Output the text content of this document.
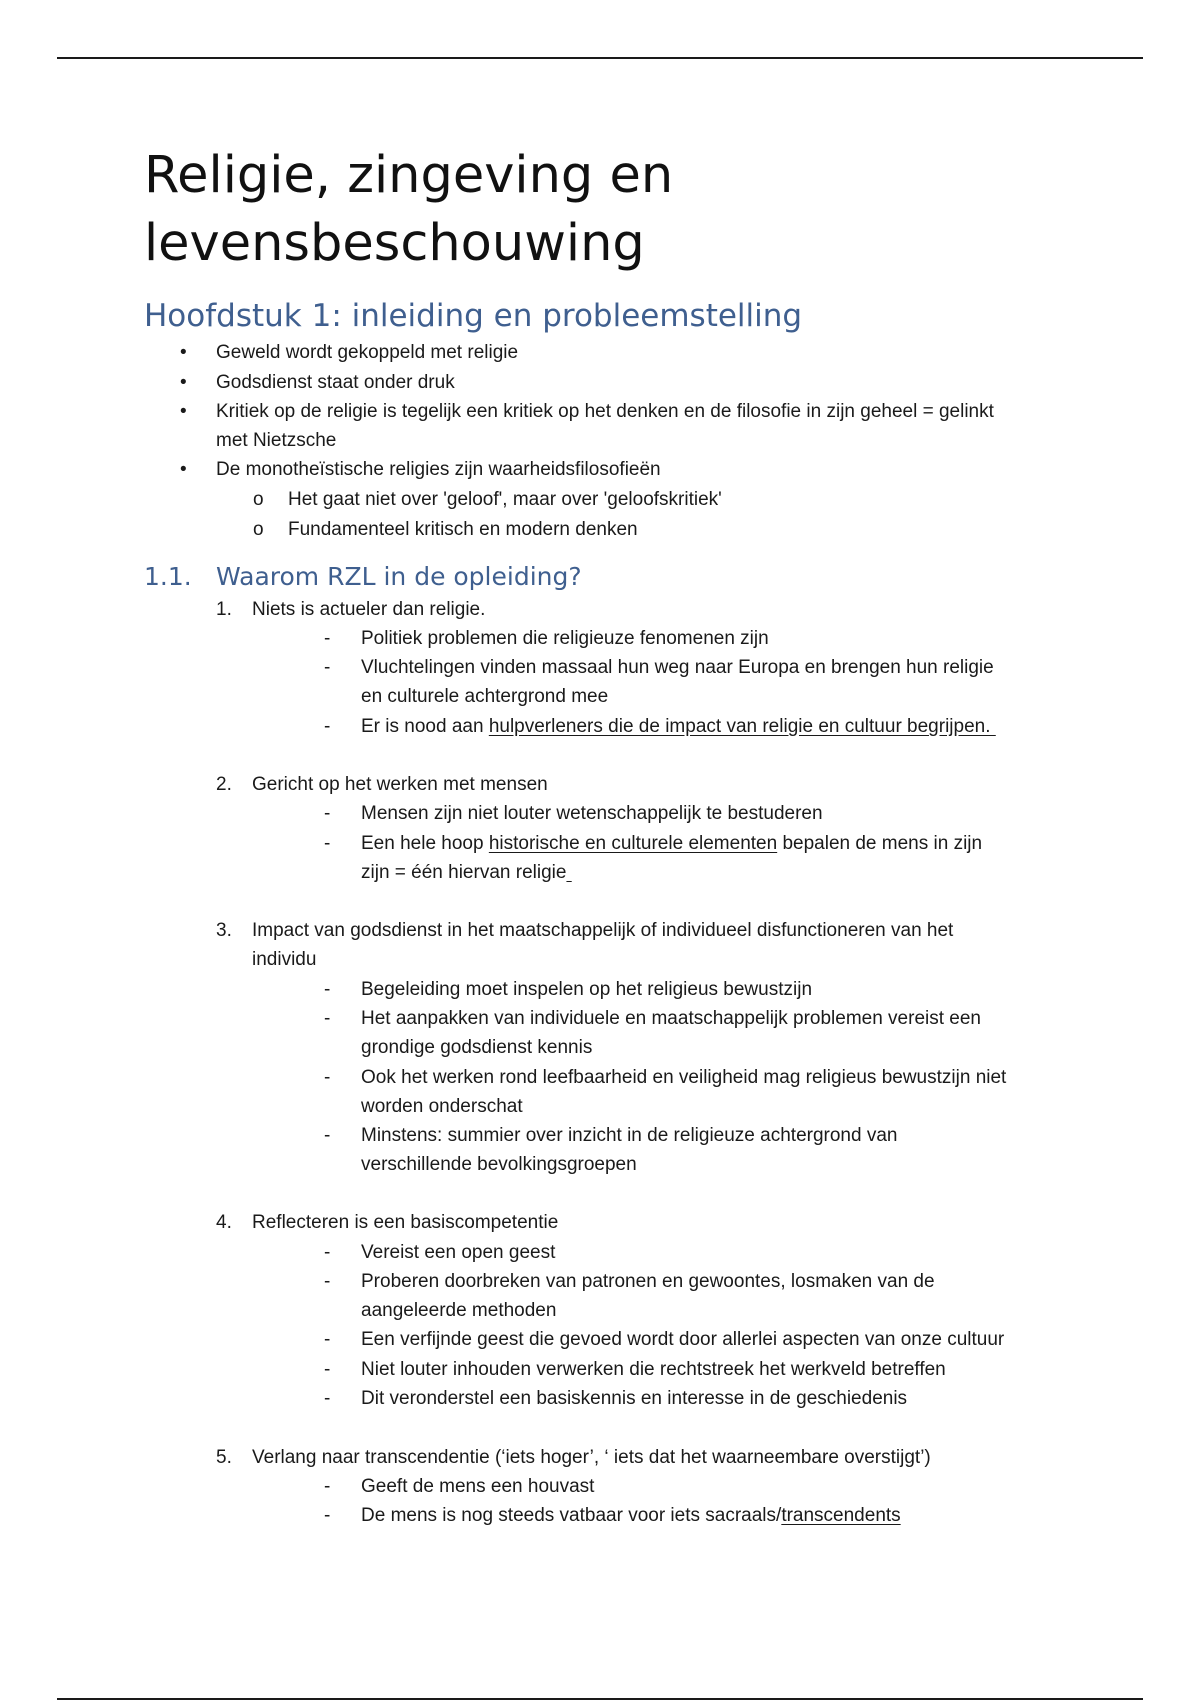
Religie, zingeving en
levensbeschouwing
Hoofdstuk 1: inleiding en probleemstelling
• Geweld wordt gekoppeld met religie
• Godsdienst staat onder druk
• Kritiek op de religie is tegelijk een kritiek op het denken en de filosofie in zijn geheel = gelinkt
met Nietzsche
• De monotheïstische religies zijn waarheidsfilosofieën
o Het gaat niet over 'geloof', maar over 'geloofskritiek'
o Fundamenteel kritisch en modern denken
1.1. Waarom RZL in de opleiding?
1. Niets is actueler dan religie.
- Politiek problemen die religieuze fenomenen zijn
- Vluchtelingen vinden massaal hun weg naar Europa en brengen hun religie
en culturele achtergrond mee
- Er is nood aan hulpverleners die de impact van religie en cultuur begrijpen.
2. Gericht op het werken met mensen
- Mensen zijn niet louter wetenschappelijk te bestuderen
- Een hele hoop historische en culturele elementen bepalen de mens in zijn
zijn = één hiervan religie
3. Impact van godsdienst in het maatschappelijk of individueel disfunctioneren van het
individu
- Begeleiding moet inspelen op het religieus bewustzijn
- Het aanpakken van individuele en maatschappelijk problemen vereist een
grondige godsdienst kennis
- Ook het werken rond leefbaarheid en veiligheid mag religieus bewustzijn niet
worden onderschat
- Minstens: summier over inzicht in de religieuze achtergrond van
verschillende bevolkingsgroepen
4. Reflecteren is een basiscompetentie
- Vereist een open geest
- Proberen doorbreken van patronen en gewoontes, losmaken van de
aangeleerde methoden
- Een verfijnde geest die gevoed wordt door allerlei aspecten van onze cultuur
- Niet louter inhouden verwerken die rechtstreek het werkveld betreffen
- Dit veronderstel een basiskennis en interesse in de geschiedenis
5. Verlang naar transcendentie (‘iets hoger’, ‘ iets dat het waarneembare overstijgt’)
- Geeft de mens een houvast
- De mens is nog steeds vatbaar voor iets sacraals/transcendents
